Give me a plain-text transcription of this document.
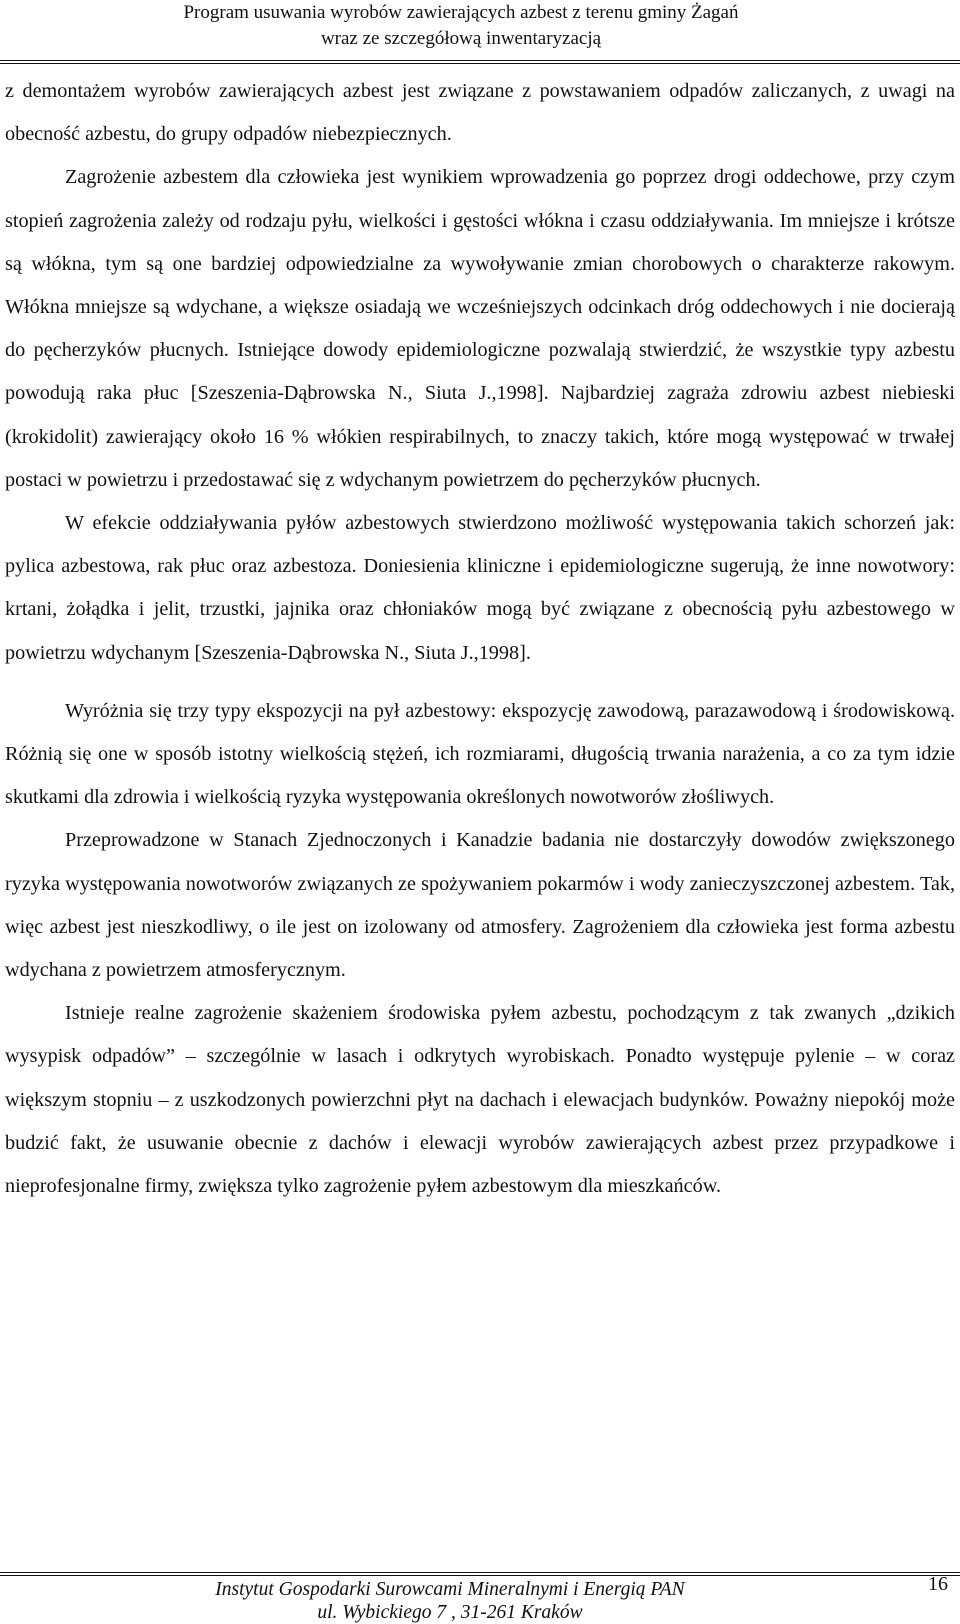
Program usuwania wyrobów zawierających azbest z terenu gminy Żagań
wraz ze szczegółową inwentaryzacją

z demontażem wyrobów zawierających azbest jest związane z powstawaniem odpadów zaliczanych, z uwagi na obecność azbestu, do grupy odpadów niebezpiecznych.

Zagrożenie azbestem dla człowieka jest wynikiem wprowadzenia go poprzez drogi oddechowe, przy czym stopień zagrożenia zależy od rodzaju pyłu, wielkości i gęstości włókna i czasu oddziaływania. Im mniejsze i krótsze są włókna, tym są one bardziej odpowiedzialne za wywoływanie zmian chorobowych o charakterze rakowym. Włókna mniejsze są wdychane, a większe osiadają we wcześniejszych odcinkach dróg oddechowych i nie docierają do pęcherzyków płucnych. Istniejące dowody epidemiologiczne pozwalają stwierdzić, że wszystkie typy azbestu powodują raka płuc [Szeszenia-Dąbrowska N., Siuta J.,1998]. Najbardziej zagraża zdrowiu azbest niebieski (krokidolit) zawierający około 16 % włókien respirabilnych, to znaczy takich, które mogą występować w trwałej postaci w powietrzu i przedostawać się z wdychanym powietrzem do pęcherzyków płucnych.

W efekcie oddziaływania pyłów azbestowych stwierdzono możliwość występowania takich schorzeń jak: pylica azbestowa, rak płuc oraz azbestoza. Doniesienia kliniczne i epidemiologiczne sugerują, że inne nowotwory: krtani, żołądka i jelit, trzustki, jajnika oraz chłoniaków mogą być związane z obecnością pyłu azbestowego w powietrzu wdychanym [Szeszenia-Dąbrowska N., Siuta J.,1998].

Wyróżnia się trzy typy ekspozycji na pył azbestowy: ekspozycję zawodową, parazawodową i środowiskową. Różnią się one w sposób istotny wielkością stężeń, ich rozmiarami, długością trwania narażenia, a co za tym idzie skutkami dla zdrowia i wielkością ryzyka występowania określonych nowotworów złośliwych.

Przeprowadzone w Stanach Zjednoczonych i Kanadzie badania nie dostarczyły dowodów zwiększonego ryzyka występowania nowotworów związanych ze spożywaniem pokarmów i wody zanieczyszczonej azbestem. Tak, więc azbest jest nieszkodliwy, o ile jest on izolowany od atmosfery. Zagrożeniem dla człowieka jest forma azbestu wdychana z powietrzem atmosferycznym.

Istnieje realne zagrożenie skażeniem środowiska pyłem azbestu, pochodzącym z tak zwanych „dzikich wysypisk odpadów” – szczególnie w lasach i odkrytych wyrobiskach. Ponadto występuje pylenie – w coraz większym stopniu – z uszkodzonych powierzchni płyt na dachach i elewacjach budynków. Poważny niepokój może budzić fakt, że usuwanie obecnie z dachów i elewacji wyrobów zawierających azbest przez przypadkowe i nieprofesjonalne firmy, zwiększa tylko zagrożenie pyłem azbestowym dla mieszkańców.

Instytut Gospodarki Surowcami Mineralnymi i Energią PAN
ul. Wybickiego 7 , 31-261 Kraków
16
